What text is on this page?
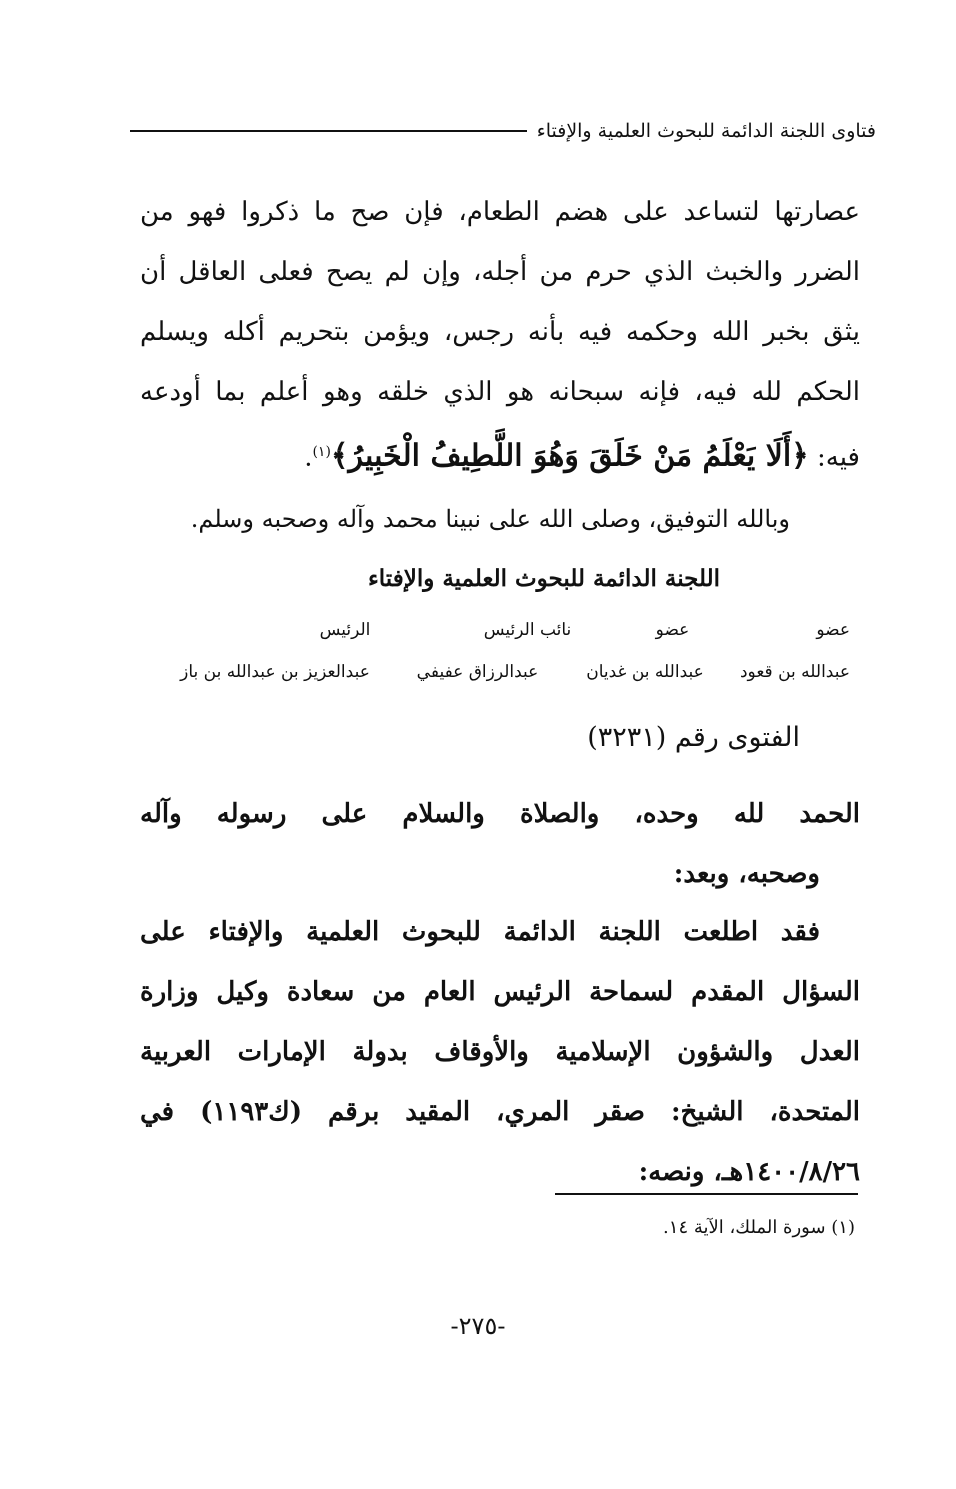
فتاوى اللجنة الدائمة للبحوث العلمية والإفتاء
عصارتها لتساعد على هضم الطعام، فإن صح ما ذكروا فهو من
الضرر والخبث الذي حرم من أجله، وإن لم يصح فعلى العاقل أن
يثق بخبر الله وحكمه فيه بأنه رجس، ويؤمن بتحريم أكله ويسلم
الحكم لله فيه، فإنه سبحانه هو الذي خلقه وهو أعلم بما أودعه
فيه: ﴿أَلَا يَعْلَمُ مَنْ خَلَقَ وَهُوَ اللَّطِيفُ الْخَبِيرُ﴾$^{(١)}$.
وبالله التوفيق، وصلى الله على نبينا محمد وآله وصحبه وسلم.
اللجنة الدائمة للبحوث العلمية والإفتاء
عضو
عضو
نائب الرئيس
الرئيس
عبدالله بن قعود
عبدالله بن غديان
عبدالرزاق عفيفي
عبدالعزيز بن عبدالله بن باز
الفتوى رقم (٣٢٣١)
الحمد لله وحده، والصلاة والسلام على رسوله وآله
وصحبه، وبعد:
فقد اطلعت اللجنة الدائمة للبحوث العلمية والإفتاء على
السؤال المقدم لسماحة الرئيس العام من سعادة وكيل وزارة
العدل والشؤون الإسلامية والأوقاف بدولة الإمارات العربية
المتحدة، الشيخ: صقر المري، المقيد برقم (ك١١٩٣) في
١٤٠٠/٨/٢٦هـ، ونصه:
(١) سورة الملك، الآية ١٤.
-٢٧٥-
